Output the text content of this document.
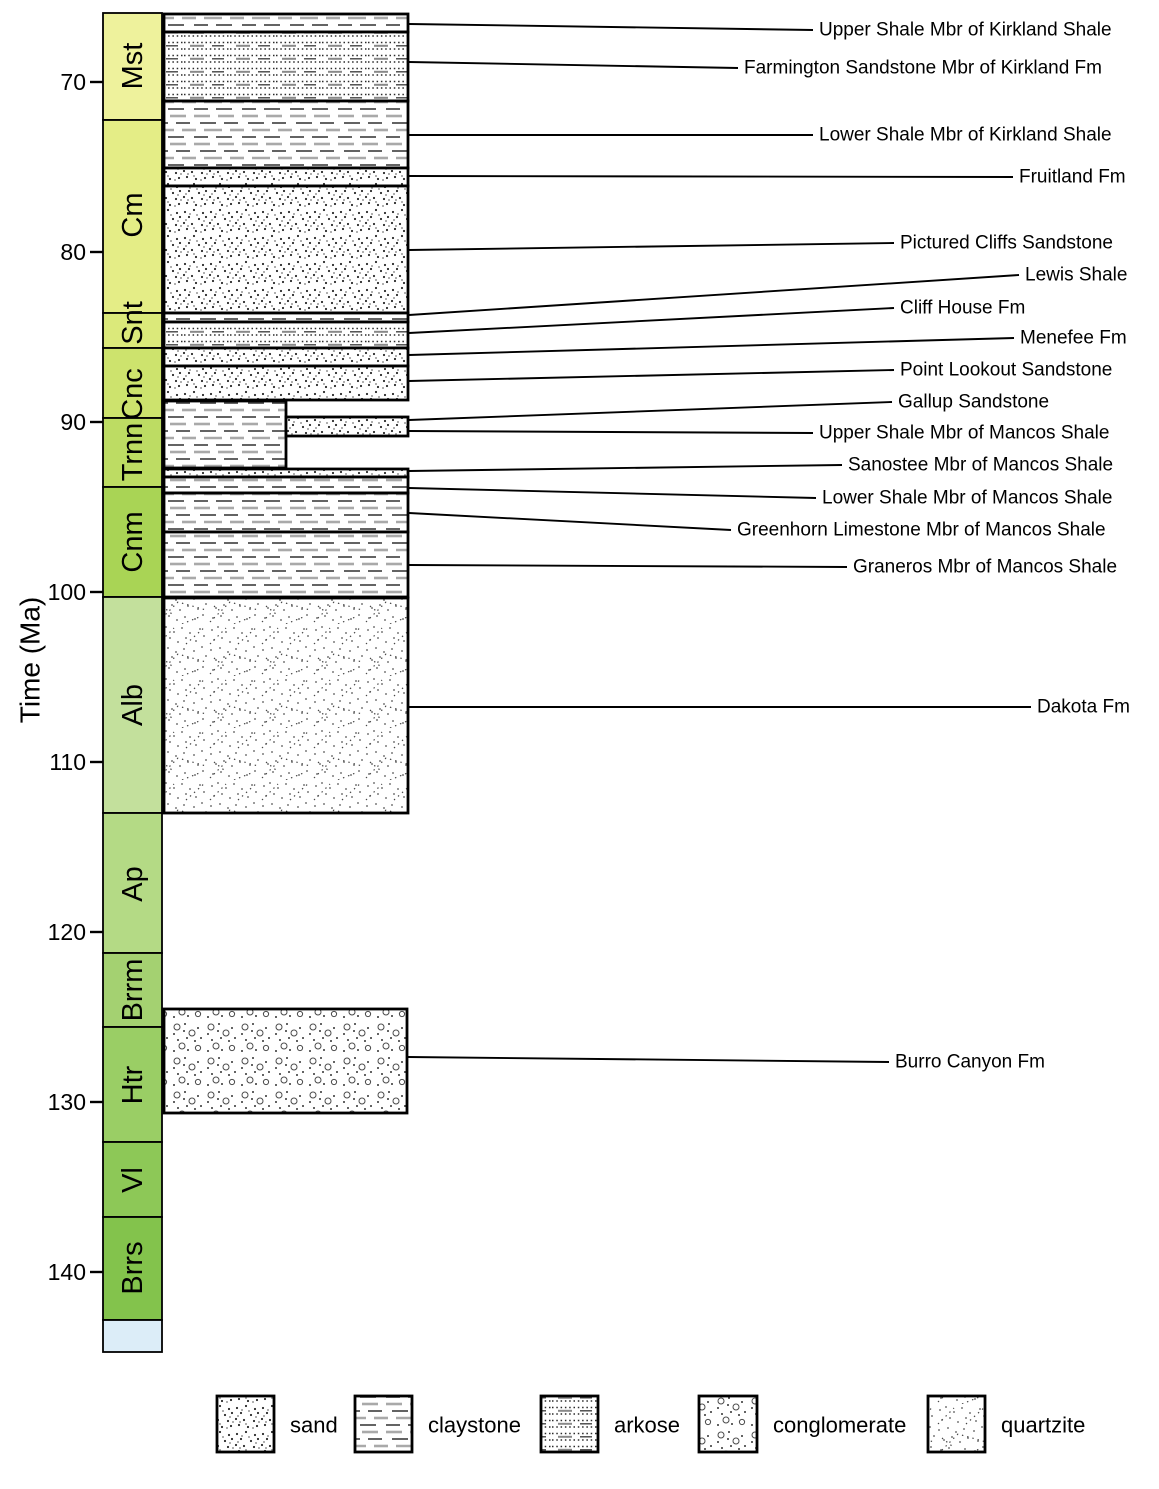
Time (Ma)
70
80
90
100
110
120
130
140
Mst
Cm
Snt
Cnc
Trnn
Cnm
Alb
Ap
Brrm
Htr
Vl
Brrs
Upper Shale Mbr of Kirkland Shale
Farmington Sandstone Mbr of Kirkland Fm
Lower Shale Mbr of Kirkland Shale
Fruitland Fm
Pictured Cliffs Sandstone
Lewis Shale
Cliff House Fm
Menefee Fm
Point Lookout Sandstone
Gallup Sandstone
Upper Shale Mbr of Mancos Shale
Sanostee Mbr of Mancos Shale
Lower Shale Mbr of Mancos Shale
Greenhorn Limestone Mbr of Mancos Shale
Graneros Mbr of Mancos Shale
Dakota Fm
Burro Canyon Fm
sand	claystone	arkose	conglomerate	quartzite
